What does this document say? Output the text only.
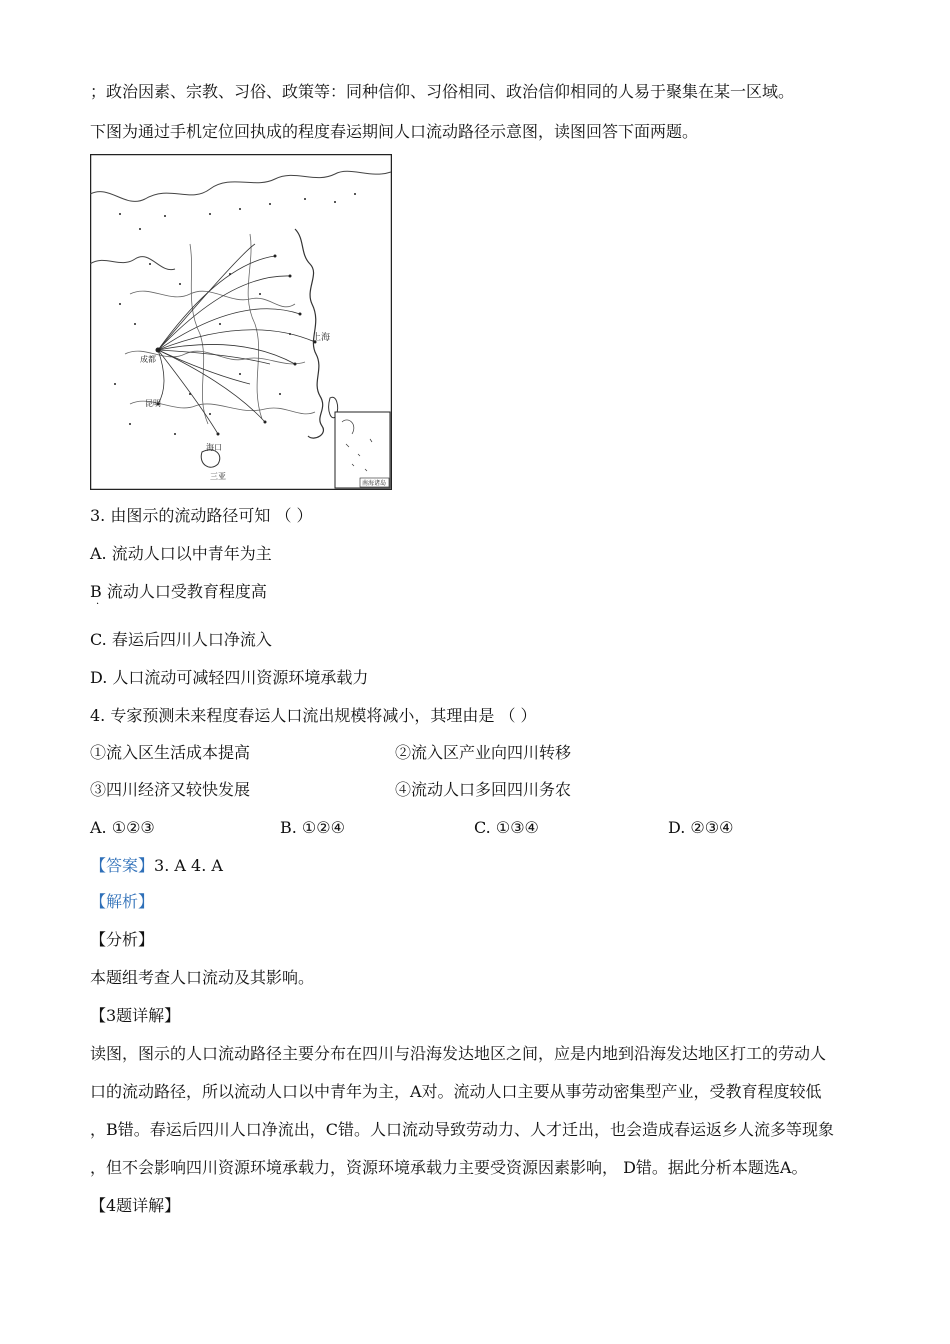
；政治因素、宗教、习俗、政策等：同种信仰、习俗相同、政治信仰相同的人易于聚集在某一区域。
下图为通过手机定位回执成的程度春运期间人口流动路径示意图，读图回答下面两题。
上海
成都
昆明
海口
三亚
南海诸岛
3. 由图示的流动路径可知 （ ）
A. 流动人口以中青年为主
B 流动人口受教育程度高
·
C. 春运后四川人口净流入
D. 人口流动可减轻四川资源环境承载力
4. 专家预测未来程度春运人口流出规模将减小，其理由是 （ ）
①流入区生活成本提高	②流入区产业向四川转移
③四川经济又较快发展	④流动人口多回四川务农
A. ①②③	B. ①②④	C. ①③④	D. ②③④
【答案】3. A 4. A
【解析】
【分析】
本题组考查人口流动及其影响。
【3题详解】
读图，图示的人口流动路径主要分布在四川与沿海发达地区之间，应是内地到沿海发达地区打工的劳动人
口的流动路径，所以流动人口以中青年为主，A对。流动人口主要从事劳动密集型产业，受教育程度较低
，B错。春运后四川人口净流出，C错。人口流动导致劳动力、人才迁出，也会造成春运返乡人流多等现象
，但不会影响四川资源环境承载力，资源环境承载力主要受资源因素影响， D错。据此分析本题选A。
【4题详解】
